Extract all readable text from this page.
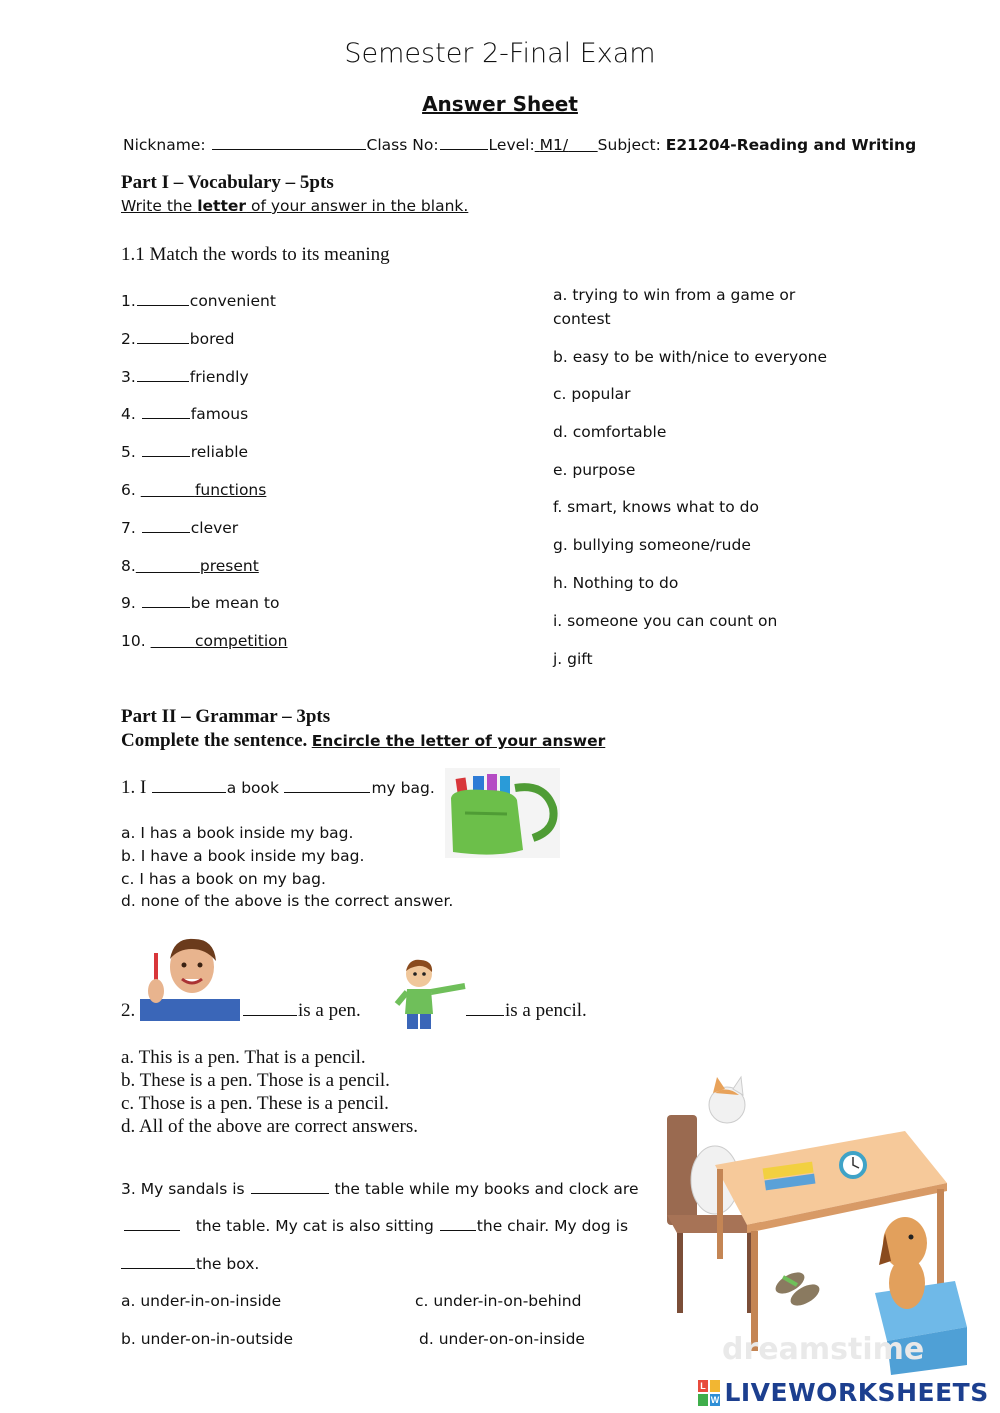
Semester 2-Final Exam
Answer Sheet
Nickname:	Class No:	Level: M1/ Subject: E21204-Reading and Writing
Part I – Vocabulary – 5pts
Write the letter of your answer in the blank.
1.1 Match the words to its meaning
1.	convenient
2.	bored
3.	friendly
4.	famous
5.	reliable
6.	functions
7.	clever
8.	present
9.	be mean to
10.	competition
a. trying to win from a game or
contest
b. easy to be with/nice to everyone
c. popular
d. comfortable
e. purpose
f. smart, knows what to do
g. bullying someone/rude
h. Nothing to do
i. someone you can count on
j. gift
Part II – Grammar – 3pts
Complete the sentence. Encircle the letter of your answer
1. I	a book	my bag.
a. I has a book inside my bag.
b. I have a book inside my bag.
c. I has a book on my bag.
d. none of the above is the correct answer.
2.	is a pen.	is a pencil.
a. This is a pen. That is a pencil.
b. These is a pen. Those is a pencil.
c. Those is a pen. These is a pencil.
d. All of the above are correct answers.
3. My sandals is	the table while my books and clock are
the table. My cat is also sitting	the chair. My dog is
the box.
a. under-in-on-inside	c. under-in-on-behind
b. under-on-in-outside	d. under-on-on-inside	dreamstime
L
W LIVEWORKSHEETS
